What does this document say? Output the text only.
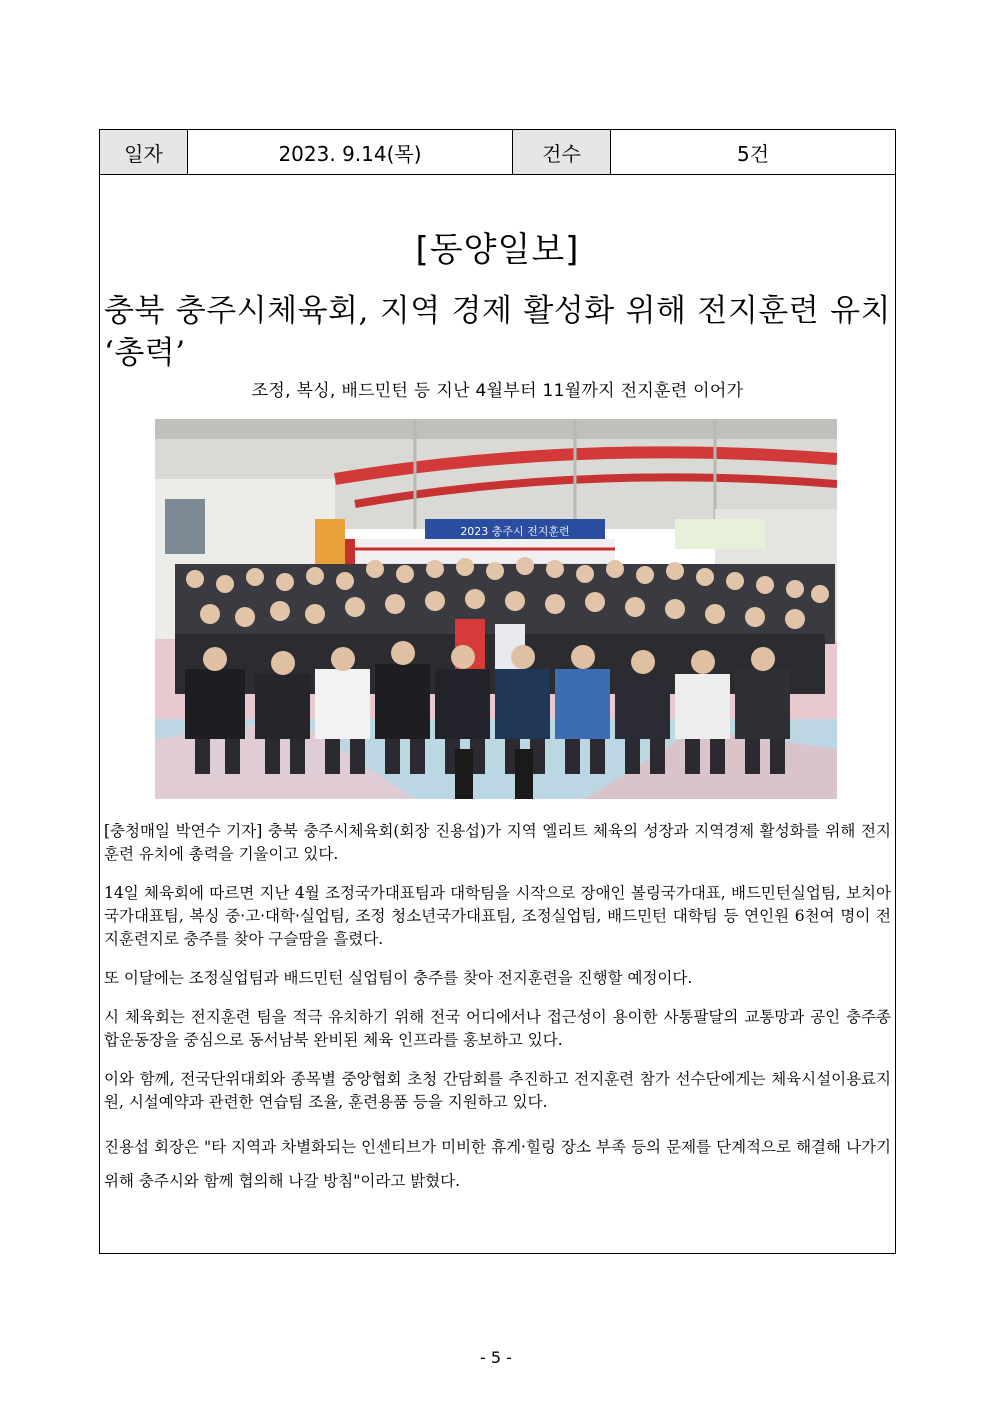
일자	2023. 9.14(목)	건수	5건
[동양일보]
충북 충주시체육회, 지역 경제 활성화 위해 전지훈련 유치 ‘총력’
조정, 복싱, 배드민턴 등 지난 4월부터 11월까지 전지훈련 이어가
2023 충주시 전지훈련

[충청매일 박연수 기자] 충북 충주시체육회(회장 진용섭)가 지역 엘리트 체육의 성장과 지역경제 활성화를 위해 전지훈련 유치에 총력을 기울이고 있다.

14일 체육회에 따르면 지난 4월 조정국가대표팀과 대학팀을 시작으로 장애인 볼링국가대표, 배드민턴실업팀, 보치아 국가대표팀, 복싱 중·고·대학·실업팀, 조정 청소년국가대표팀, 조정실업팀, 배드민턴 대학팀 등 연인원 6천여 명이 전지훈련지로 충주를 찾아 구슬땀을 흘렸다.

또 이달에는 조정실업팀과 배드민턴 실업팀이 충주를 찾아 전지훈련을 진행할 예정이다.

시 체육회는 전지훈련 팀을 적극 유치하기 위해 전국 어디에서나 접근성이 용이한 사통팔달의 교통망과 공인 충주종합운동장을 중심으로 동서남북 완비된 체육 인프라를 홍보하고 있다.

이와 함께, 전국단위대회와 종목별 중앙협회 초청 간담회를 추진하고 전지훈련 참가 선수단에게는 체육시설이용료지원, 시설예약과 관련한 연습팀 조율, 훈련용품 등을 지원하고 있다.

진용섭 회장은 "타 지역과 차별화되는 인센티브가 미비한 휴게·힐링 장소 부족 등의 문제를 단계적으로 해결해 나가기 위해 충주시와 함께 협의해 나갈 방침"이라고 밝혔다.

- 5 -
